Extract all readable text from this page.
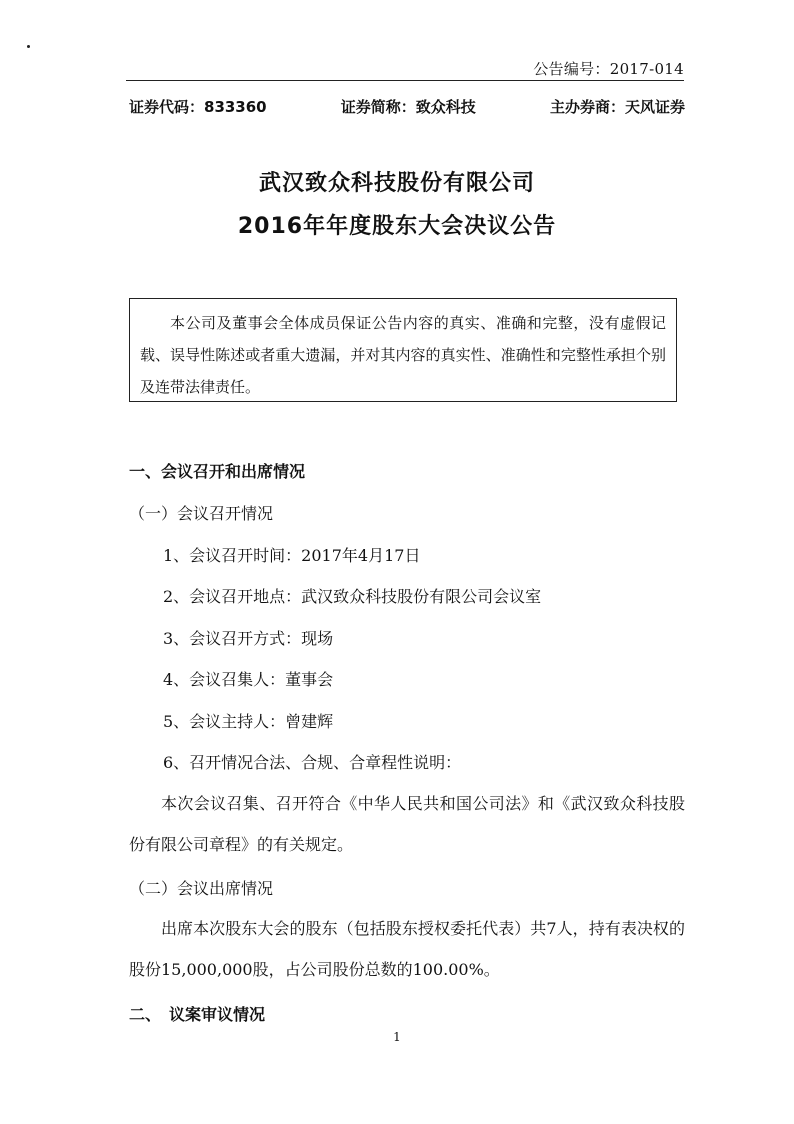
公告编号：2017-014
证券代码：833360	证券简称：致众科技	主办券商：天风证券
武汉致众科技股份有限公司
2016年年度股东大会决议公告
本公司及董事会全体成员保证公告内容的真实、准确和完整，没有虚假记载、误导性陈述或者重大遗漏，并对其内容的真实性、准确性和完整性承担个别及连带法律责任。
一、会议召开和出席情况
（一）会议召开情况
1、会议召开时间：2017年4月17日
2、会议召开地点：武汉致众科技股份有限公司会议室
3、会议召开方式：现场
4、会议召集人：董事会
5、会议主持人：曾建辉
6、召开情况合法、合规、合章程性说明：
本次会议召集、召开符合《中华人民共和国公司法》和《武汉致众科技股份有限公司章程》的有关规定。
（二）会议出席情况
出席本次股东大会的股东（包括股东授权委托代表）共7人，持有表决权的股份15,000,000股，占公司股份总数的100.00%。
二、　议案审议情况
1
